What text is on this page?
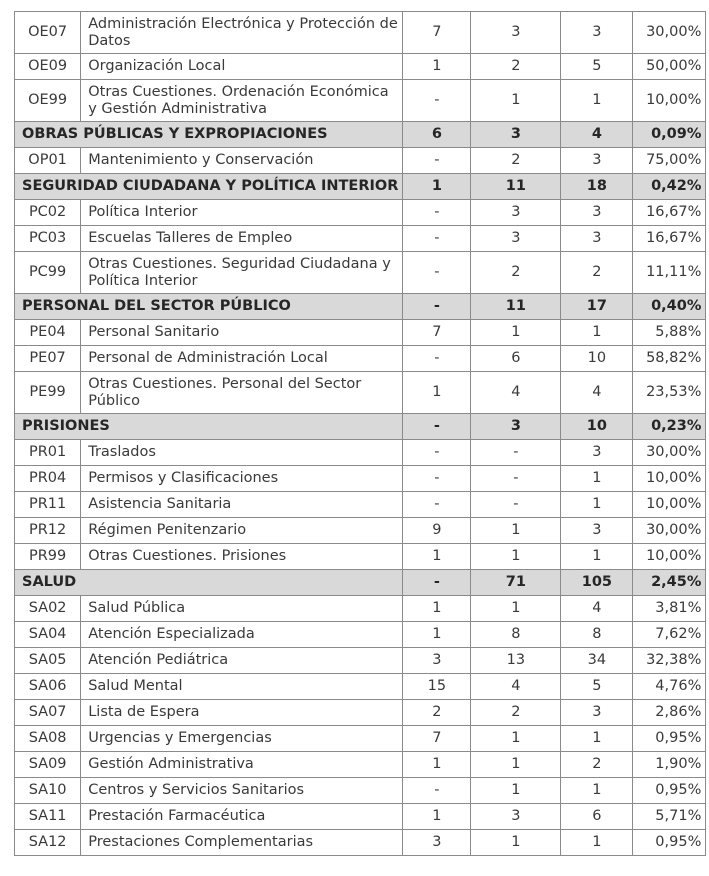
OE07	Administración Electrónica y Protección de Datos	7	3	3	30,00%
OE09	Organización Local	1	2	5	50,00%
OE99	Otras Cuestiones. Ordenación Económica y Gestión Administrativa	-	1	1	10,00%
OBRAS PÚBLICAS Y EXPROPIACIONES		6	3	4	0,09%
OP01	Mantenimiento y Conservación	-	2	3	75,00%
SEGURIDAD CIUDADANA Y POLÍTICA INTERIOR		1	11	18	0,42%
PC02	Política Interior	-	3	3	16,67%
PC03	Escuelas Talleres de Empleo	-	3	3	16,67%
PC99	Otras Cuestiones. Seguridad Ciudadana y Política Interior	-	2	2	11,11%
PERSONAL DEL SECTOR PÚBLICO		-	11	17	0,40%
PE04	Personal Sanitario	7	1	1	5,88%
PE07	Personal de Administración Local	-	6	10	58,82%
PE99	Otras Cuestiones. Personal del Sector Público	1	4	4	23,53%
PRISIONES		-	3	10	0,23%
PR01	Traslados	-	-	3	30,00%
PR04	Permisos y Clasificaciones	-	-	1	10,00%
PR11	Asistencia Sanitaria	-	-	1	10,00%
PR12	Régimen Penitenzario	9	1	3	30,00%
PR99	Otras Cuestiones. Prisiones	1	1	1	10,00%
SALUD		-	71	105	2,45%
SA02	Salud Pública	1	1	4	3,81%
SA04	Atención Especializada	1	8	8	7,62%
SA05	Atención Pediátrica	3	13	34	32,38%
SA06	Salud Mental	15	4	5	4,76%
SA07	Lista de Espera	2	2	3	2,86%
SA08	Urgencias y Emergencias	7	1	1	0,95%
SA09	Gestión Administrativa	1	1	2	1,90%
SA10	Centros y Servicios Sanitarios	-	1	1	0,95%
SA11	Prestación Farmacéutica	1	3	6	5,71%
SA12	Prestaciones Complementarias	3	1	1	0,95%
